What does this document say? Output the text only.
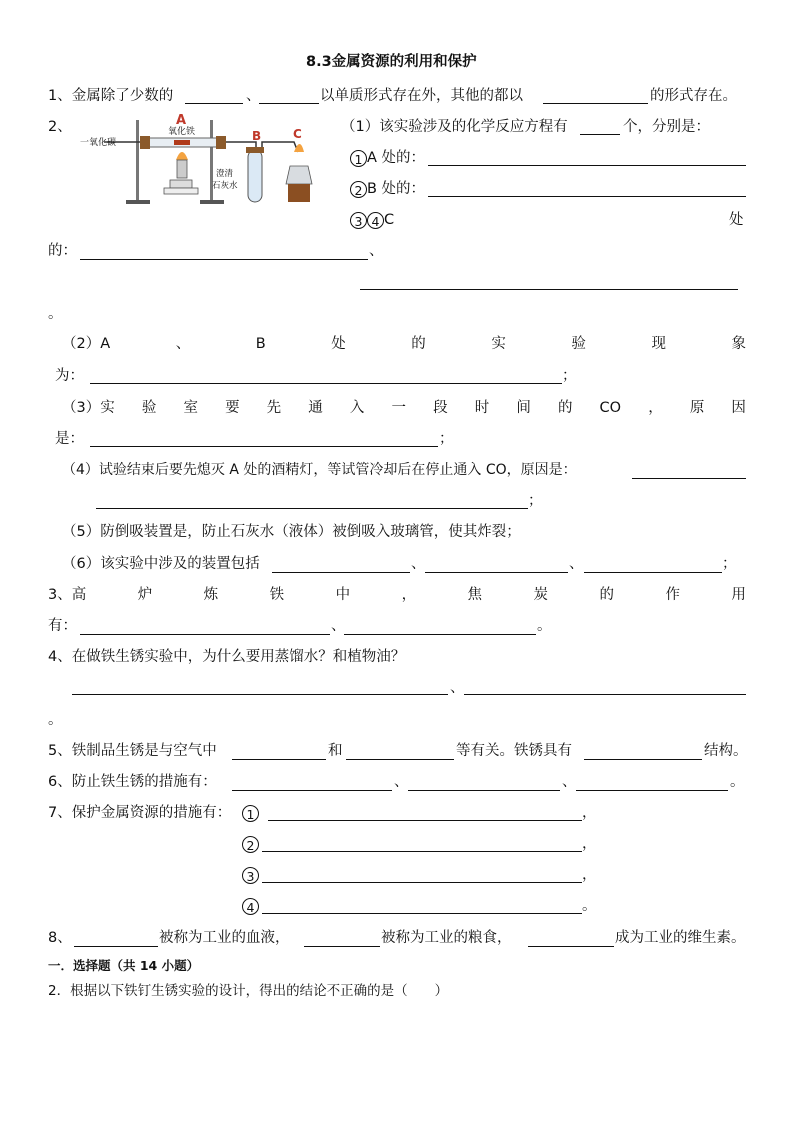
8.3金属资源的利用和保护
1、金属除了少数的	、	以单质形式存在外，其他的都以	的形式存在。
2、
一氧化碳
A
氧化铁	B	C
澄清
石灰水
（1）该实验涉及的化学反应方程有	个，分别是：
1 A 处的：
2 B 处的：
3 4 C	处
的：	、
。
（2）A	、	B	处	的	实	验	现	象
为：	；
（3）实 验 室 要 先 通 入 一 段 时 间 的 CO ， 原 因
是：	；
（4）试验结束后要先熄灭 A 处的酒精灯，等试管冷却后在停止通入 CO，原因是：
；
（5）防倒吸装置是，防止石灰水（液体）被倒吸入玻璃管，使其炸裂；
（6）该实验中涉及的装置包括	、	、	；
3、高	炉	炼	铁	中	，	焦	炭	的	作	用
有：	、	。
4、在做铁生锈实验中，为什么要用蒸馏水？和植物油？
、
。
5、铁制品生锈是与空气中	和	等有关。铁锈具有	结构。
6、防止铁生锈的措施有：	、	、	。
7、保护金属资源的措施有：	1	，
2	，
3	，
4	。
8、	被称为工业的血液，	被称为工业的粮食，	成为工业的维生素。
一．选择题（共 14 小题）
2．根据以下铁钉生锈实验的设计，得出的结论不正确的是（　　）
